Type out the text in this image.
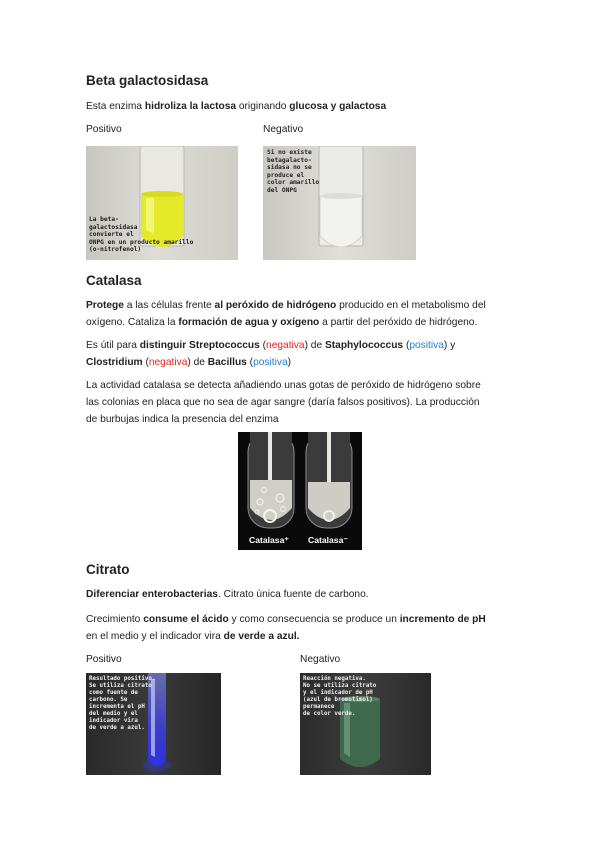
Beta galactosidasa
Esta enzima hidroliza la lactosa originando glucosa y galactosa
Positivo	Negativo
La beta-
galactosidasa
convierte el
ONPG en un producto amarillo
(o-nitrofenol)
Si no existe
betagalacto-
sidasa no se
produce el
color amarillo
del ONPG
Catalasa
Protege a las células frente al peróxido de hidrógeno producido en el metabolismo del
oxígeno. Cataliza la formación de agua y oxígeno a partir del peróxido de hidrógeno.
Es útil para distinguir Streptococcus (negativa) de Staphylococcus (positiva) y
Clostridium (negativa) de Bacillus (positiva)
La actividad catalasa se detecta añadiendo unas gotas de peróxido de hidrógeno sobre
las colonias en placa que no sea de agar sangre (daría falsos positivos). La producción
de burbujas indica la presencia del enzima
Catalasa⁺ Catalasa⁻
Citrato
Diferenciar enterobacterias. Citrato única fuente de carbono.
Crecimiento consume el ácido y como consecuencia se produce un incremento de pH
en el medio y el indicador vira de verde a azul.
Positivo	Negativo
Resultado positivo.
Se utiliza citrato
como fuente de
carbono. Se
incrementa el pH
del medio y el
indicador vira
de verde a azul.
Reacción negativa.
No se utiliza citrato
y el indicador de pH
(azul de bromotimol)
permanece
de color verde.
